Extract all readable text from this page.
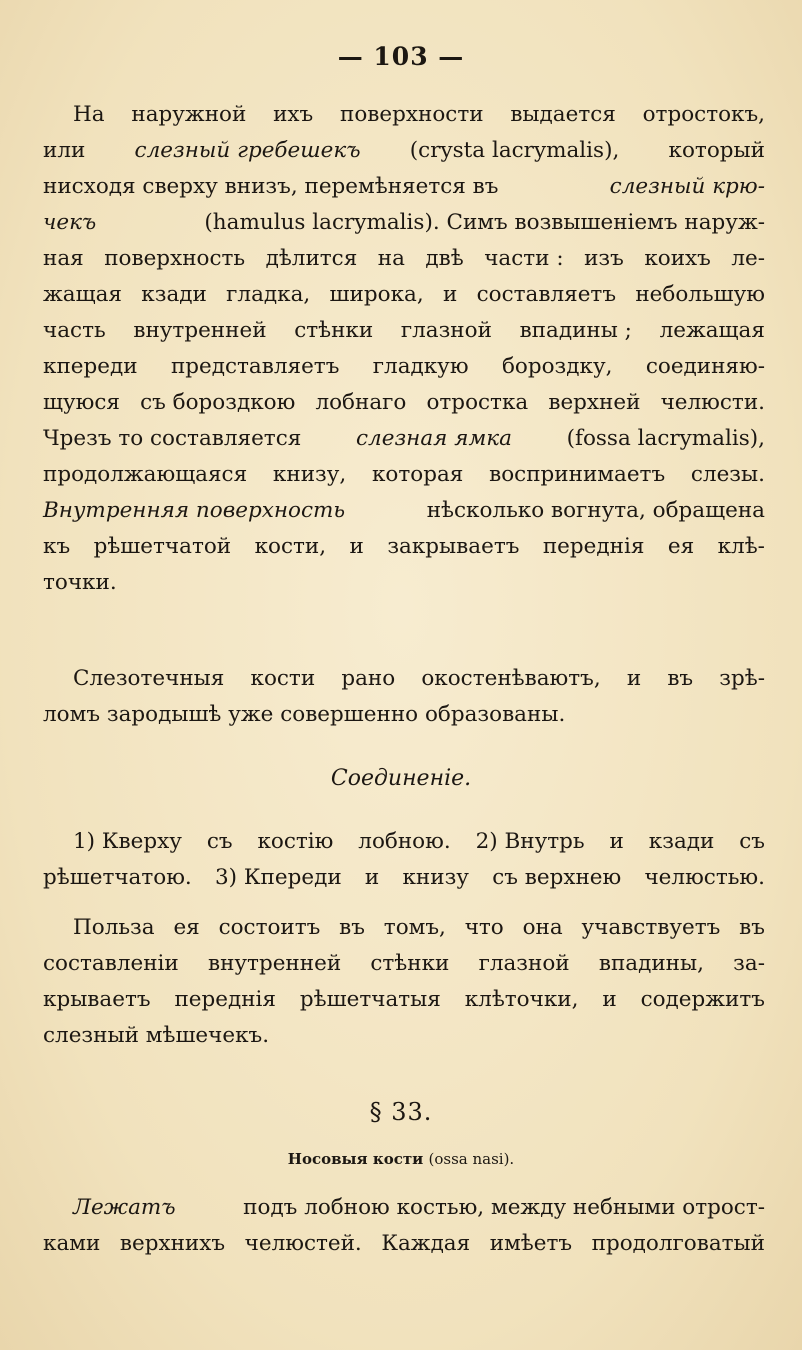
— 103 —
На наружной ихъ поверхности выдается отростокъ,
или слезный гребешекъ (crysta lacrymalis), который
нисходя сверху внизъ, перемѣняется въ	слезный крю-
чекъ	(hamulus lacrymalis). Симъ возвышеніемъ наруж-
ная поверхность дѣлится на двѣ части : изъ коихъ ле-
жащая кзади гладка, широка, и составляетъ небольшую
часть внутренней стѣнки глазной впадины ; лежащая
кпереди представляетъ гладкую бороздку, соединяю-
щуюся съ бороздкою лобнаго отростка верхней челюсти.
Чрезъ то составляется	слезная ямка	(fossa lacrymalis),
продолжающаяся книзу, которая воспринимаетъ слезы.
Внутренняя поверхность	нѣсколько вогнута, обращена
къ рѣшетчатой кости, и закрываетъ переднія ея клѣ-
точки.
Слезотечныя кости рано окостенѣваютъ, и въ зрѣ-
ломъ зародышѣ уже совершенно образованы.
Соединеніе.
1) Кверху съ костію лобною. 2) Внутрь и кзади съ
рѣшетчатою. 3) Кпереди и книзу съ верхнею челюстью.
Польза ея состоитъ въ томъ, что она учавствуетъ въ
составленіи внутренней стѣнки глазной впадины, за-
крываетъ переднія рѣшетчатыя клѣточки, и содержитъ
слезный мѣшечекъ.
§ 33.
Носовыя кости (ossa nasi).
Лежатъ	подъ лобною костью, между небными отрост-
ками верхнихъ челюстей. Каждая имѣетъ продолговатый
